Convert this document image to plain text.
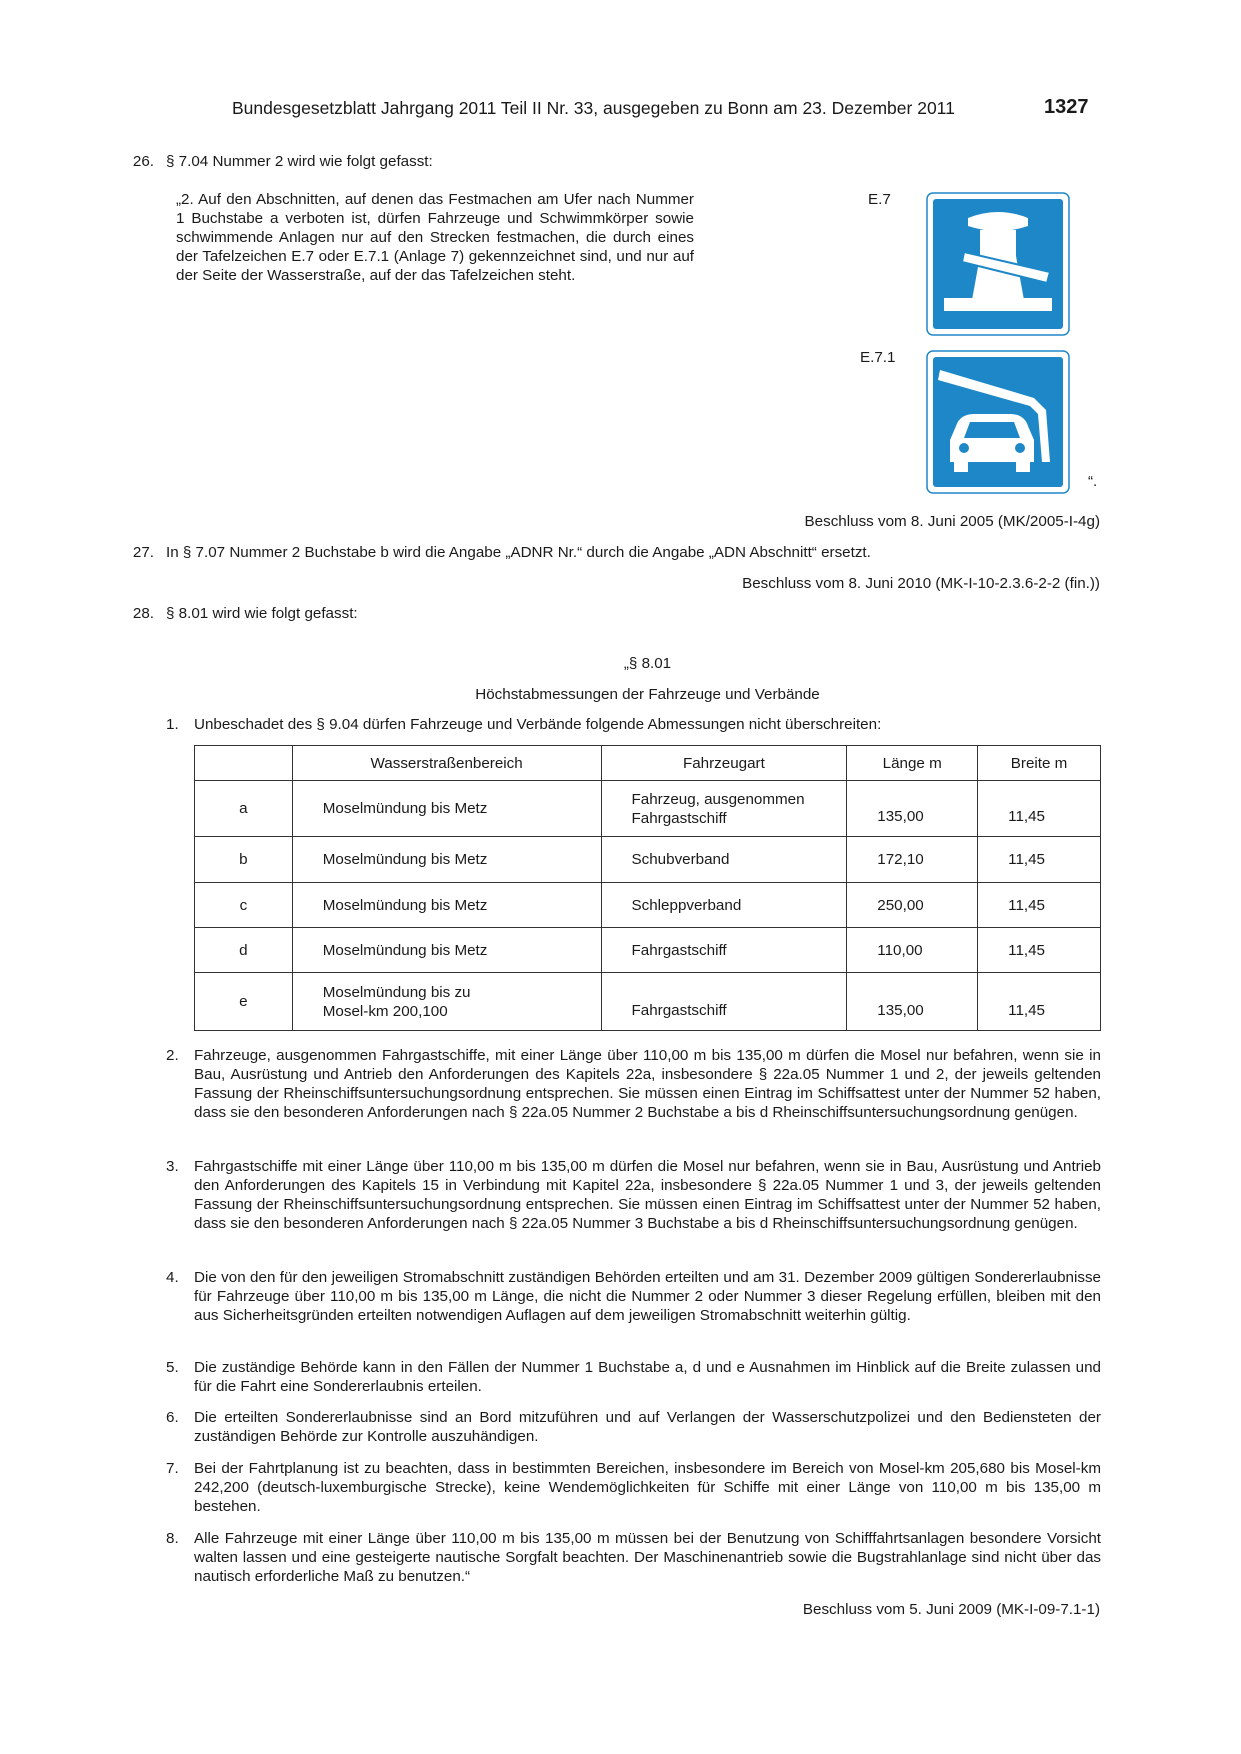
Bundesgesetzblatt Jahrgang 2011 Teil II Nr. 33, ausgegeben zu Bonn am 23. Dezember 2011	1327
26. § 7.04 Nummer 2 wird wie folgt gefasst:
„2. Auf den Abschnitten, auf denen das Festmachen am Ufer nach Nummer 1 Buchstabe a verboten ist, dürfen Fahrzeuge und Schwimmkörper sowie schwimmende Anlagen nur auf den Strecken festmachen, die durch eines der Tafelzeichen E.7 oder E.7.1 (Anlage 7) gekennzeichnet sind, und nur auf der Seite der Wasserstraße, auf der das Tafelzeichen steht.
E.7
E.7.1
“.
Beschluss vom 8. Juni 2005 (MK/2005-I-4g)
27. In § 7.07 Nummer 2 Buchstabe b wird die Angabe „ADNR Nr.“ durch die Angabe „ADN Abschnitt“ ersetzt.
Beschluss vom 8. Juni 2010 (MK-I-10-2.3.6-2-2 (fin.))
28. § 8.01 wird wie folgt gefasst:
„§ 8.01
Höchstabmessungen der Fahrzeuge und Verbände
1. Unbeschadet des § 9.04 dürfen Fahrzeuge und Verbände folgende Abmessungen nicht überschreiten:
	Wasserstraßenbereich	Fahrzeugart	Länge m	Breite m
a	Moselmündung bis Metz	Fahrzeug, ausgenommen Fahrgastschiff	135,00	11,45
b	Moselmündung bis Metz	Schubverband	172,10	11,45
c	Moselmündung bis Metz	Schleppverband	250,00	11,45
d	Moselmündung bis Metz	Fahrgastschiff	110,00	11,45
e	Moselmündung bis zu Mosel-km 200,100	Fahrgastschiff	135,00	11,45
2. Fahrzeuge, ausgenommen Fahrgastschiffe, mit einer Länge über 110,00 m bis 135,00 m dürfen die Mosel nur befahren, wenn sie in Bau, Ausrüstung und Antrieb den Anforderungen des Kapitels 22a, insbesondere § 22a.05 Nummer 1 und 2, der jeweils geltenden Fassung der Rheinschiffsuntersuchungsordnung entsprechen. Sie müssen einen Eintrag im Schiffsattest unter der Nummer 52 haben, dass sie den besonderen Anforderungen nach § 22a.05 Nummer 2 Buchstabe a bis d Rheinschiffsuntersuchungsordnung genügen.
3. Fahrgastschiffe mit einer Länge über 110,00 m bis 135,00 m dürfen die Mosel nur befahren, wenn sie in Bau, Ausrüstung und Antrieb den Anforderungen des Kapitels 15 in Verbindung mit Kapitel 22a, insbesondere § 22a.05 Nummer 1 und 3, der jeweils geltenden Fassung der Rheinschiffsuntersuchungsordnung entsprechen. Sie müssen einen Eintrag im Schiffsattest unter der Nummer 52 haben, dass sie den besonderen Anforderungen nach § 22a.05 Nummer 3 Buchstabe a bis d Rheinschiffsuntersuchungsordnung genügen.
4. Die von den für den jeweiligen Stromabschnitt zuständigen Behörden erteilten und am 31. Dezember 2009 gültigen Sondererlaubnisse für Fahrzeuge über 110,00 m bis 135,00 m Länge, die nicht die Nummer 2 oder Nummer 3 dieser Regelung erfüllen, bleiben mit den aus Sicherheitsgründen erteilten notwendigen Auflagen auf dem jeweiligen Stromabschnitt weiterhin gültig.
5. Die zuständige Behörde kann in den Fällen der Nummer 1 Buchstabe a, d und e Ausnahmen im Hinblick auf die Breite zulassen und für die Fahrt eine Sondererlaubnis erteilen.
6. Die erteilten Sondererlaubnisse sind an Bord mitzuführen und auf Verlangen der Wasserschutzpolizei und den Bediensteten der zuständigen Behörde zur Kontrolle auszuhändigen.
7. Bei der Fahrtplanung ist zu beachten, dass in bestimmten Bereichen, insbesondere im Bereich von Mosel-km 205,680 bis Mosel-km 242,200 (deutsch-luxemburgische Strecke), keine Wendemöglichkeiten für Schiffe mit einer Länge von 110,00 m bis 135,00 m bestehen.
8. Alle Fahrzeuge mit einer Länge über 110,00 m bis 135,00 m müssen bei der Benutzung von Schifffahrtsanlagen besondere Vorsicht walten lassen und eine gesteigerte nautische Sorgfalt beachten. Der Maschinenantrieb sowie die Bugstrahlanlage sind nicht über das nautisch erforderliche Maß zu benutzen.“
Beschluss vom 5. Juni 2009 (MK-I-09-7.1-1)
